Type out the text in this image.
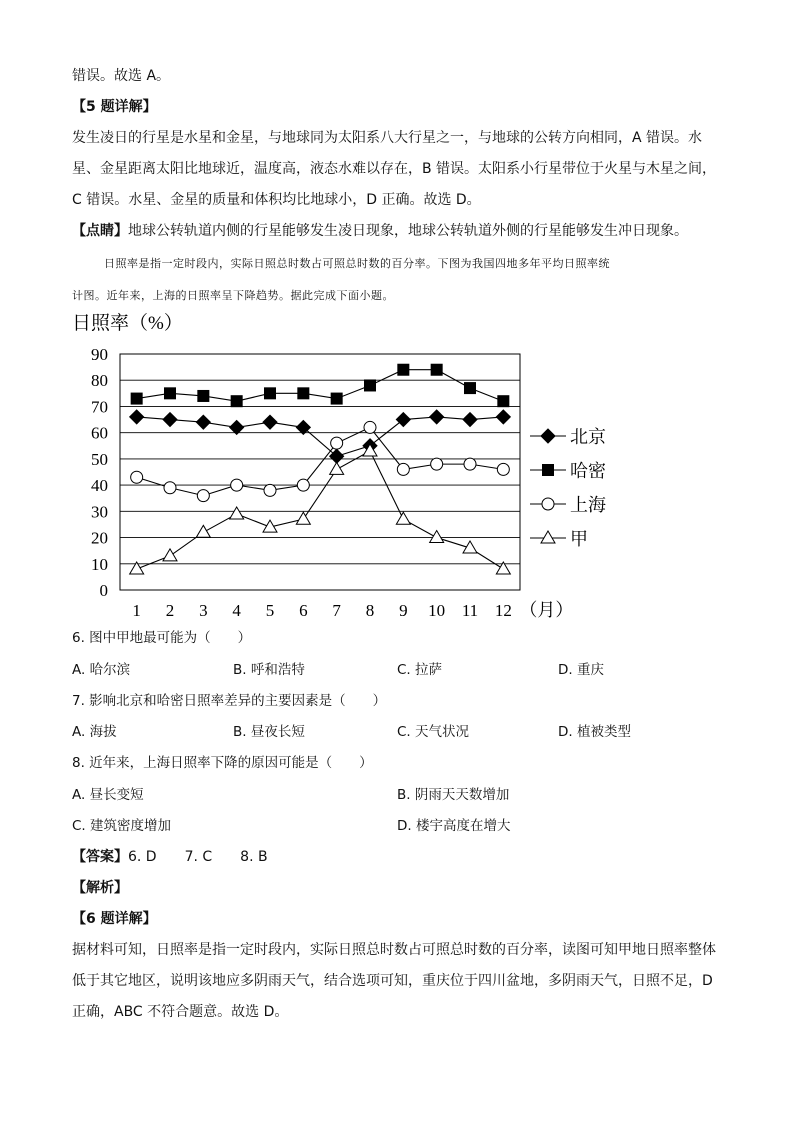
错误。故选 A。
【5 题详解】
发生凌日的行星是水星和金星，与地球同为太阳系八大行星之一，与地球的公转方向相同，A 错误。水
星、金星距离太阳比地球近，温度高，液态水难以存在，B 错误。太阳系小行星带位于火星与木星之间，
C 错误。水星、金星的质量和体积均比地球小，D 正确。故选 D。
【点睛】地球公转轨道内侧的行星能够发生凌日现象，地球公转轨道外侧的行星能够发生冲日现象。
日照率是指一定时段内，实际日照总时数占可照总时数的百分率。下图为我国四地多年平均日照率统
计图。近年来，上海的日照率呈下降趋势。据此完成下面小题。
北京
哈密
上海
甲
0
10
20
30
40
50
60
70
80
90
1 2 3 4 5 6 7 8 9 10 11 12 （月）
日照率（%）
6. 图中甲地最可能为（　　）
A. 哈尔滨	B. 呼和浩特	C. 拉萨	D. 重庆
7. 影响北京和哈密日照率差异的主要因素是（　　）
A. 海拔	B. 昼夜长短	C. 天气状况	D. 植被类型
8. 近年来，上海日照率下降的原因可能是（　　）
A. 昼长变短	B. 阴雨天天数增加
C. 建筑密度增加	D. 楼宇高度在增大
【答案】6. D　　7. C　　8. B
【解析】
【6 题详解】
据材料可知，日照率是指一定时段内，实际日照总时数占可照总时数的百分率，读图可知甲地日照率整体
低于其它地区，说明该地应多阴雨天气，结合选项可知，重庆位于四川盆地，多阴雨天气，日照不足，D
正确，ABC 不符合题意。故选 D。
